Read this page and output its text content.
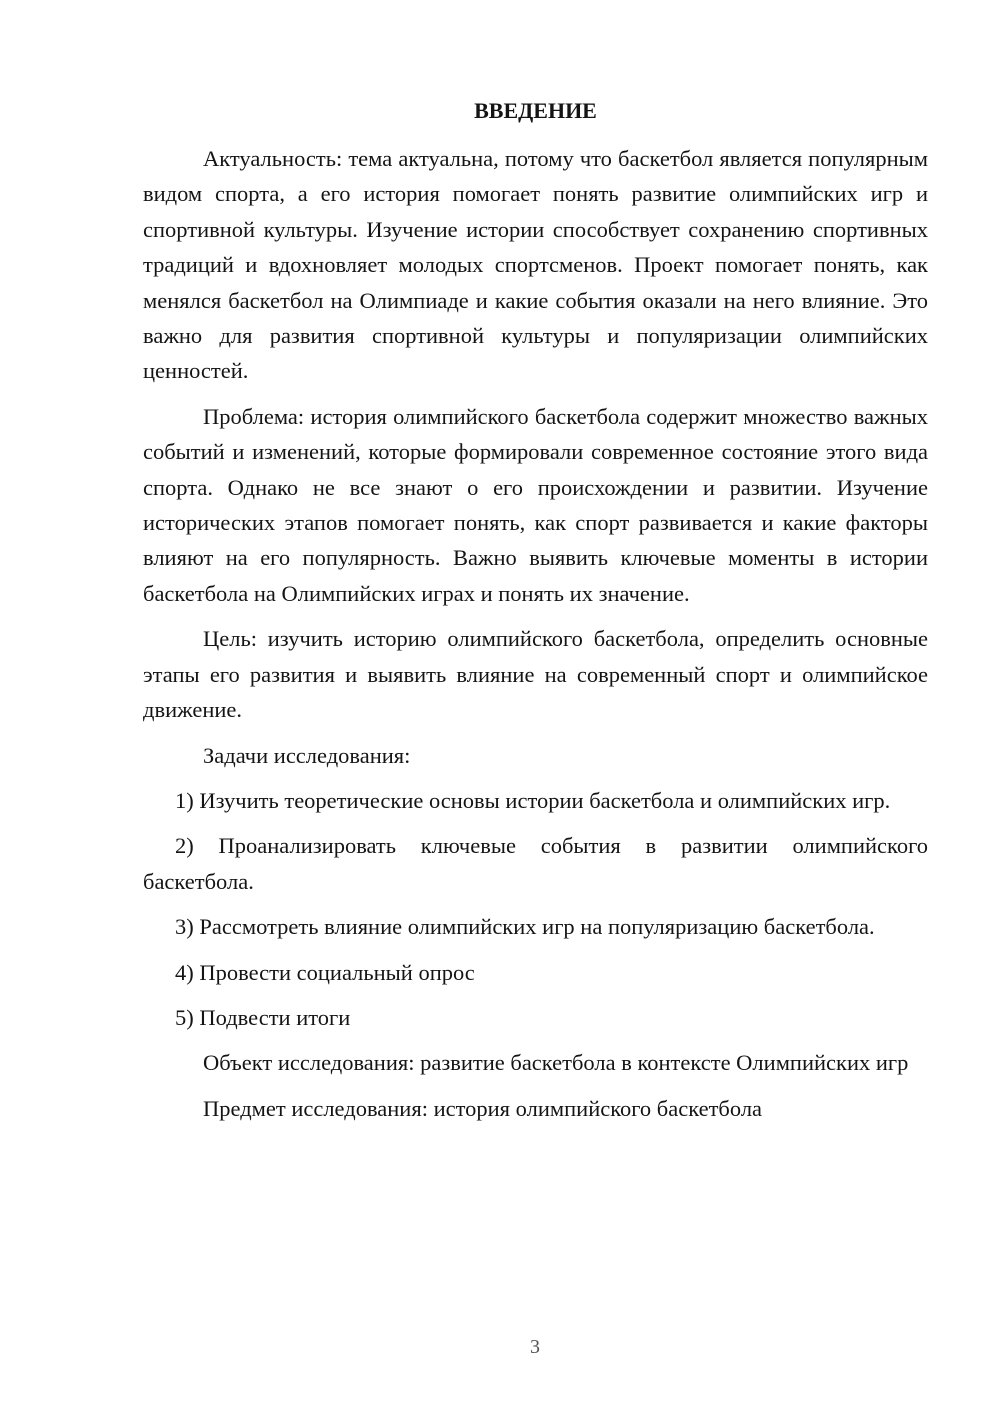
ВВЕДЕНИЕ

Актуальность: тема актуальна, потому что баскетбол является популярным видом спорта, а его история помогает понять развитие олимпийских игр и спортивной культуры. Изучение истории способствует сохранению спортивных традиций и вдохновляет молодых спортсменов. Проект помогает понять, как менялся баскетбол на Олимпиаде и какие события оказали на него влияние. Это важно для развития спортивной культуры и популяризации олимпийских ценностей.

Проблема: история олимпийского баскетбола содержит множество важных событий и изменений, которые формировали современное состояние этого вида спорта. Однако не все знают о его происхождении и развитии. Изучение исторических этапов помогает понять, как спорт развивается и какие факторы влияют на его популярность. Важно выявить ключевые моменты в истории баскетбола на Олимпийских играх и понять их значение.

Цель: изучить историю олимпийского баскетбола, определить основные этапы его развития и выявить влияние на современный спорт и олимпийское движение.

Задачи исследования:

1) Изучить теоретические основы истории баскетбола и олимпийских игр.

2) Проанализировать ключевые события в развитии олимпийского баскетбола.

3) Рассмотреть влияние олимпийских игр на популяризацию баскетбола.

4) Провести социальный опрос

5) Подвести итоги

Объект исследования: развитие баскетбола в контексте Олимпийских игр

Предмет исследования: история олимпийского баскетбола

3
